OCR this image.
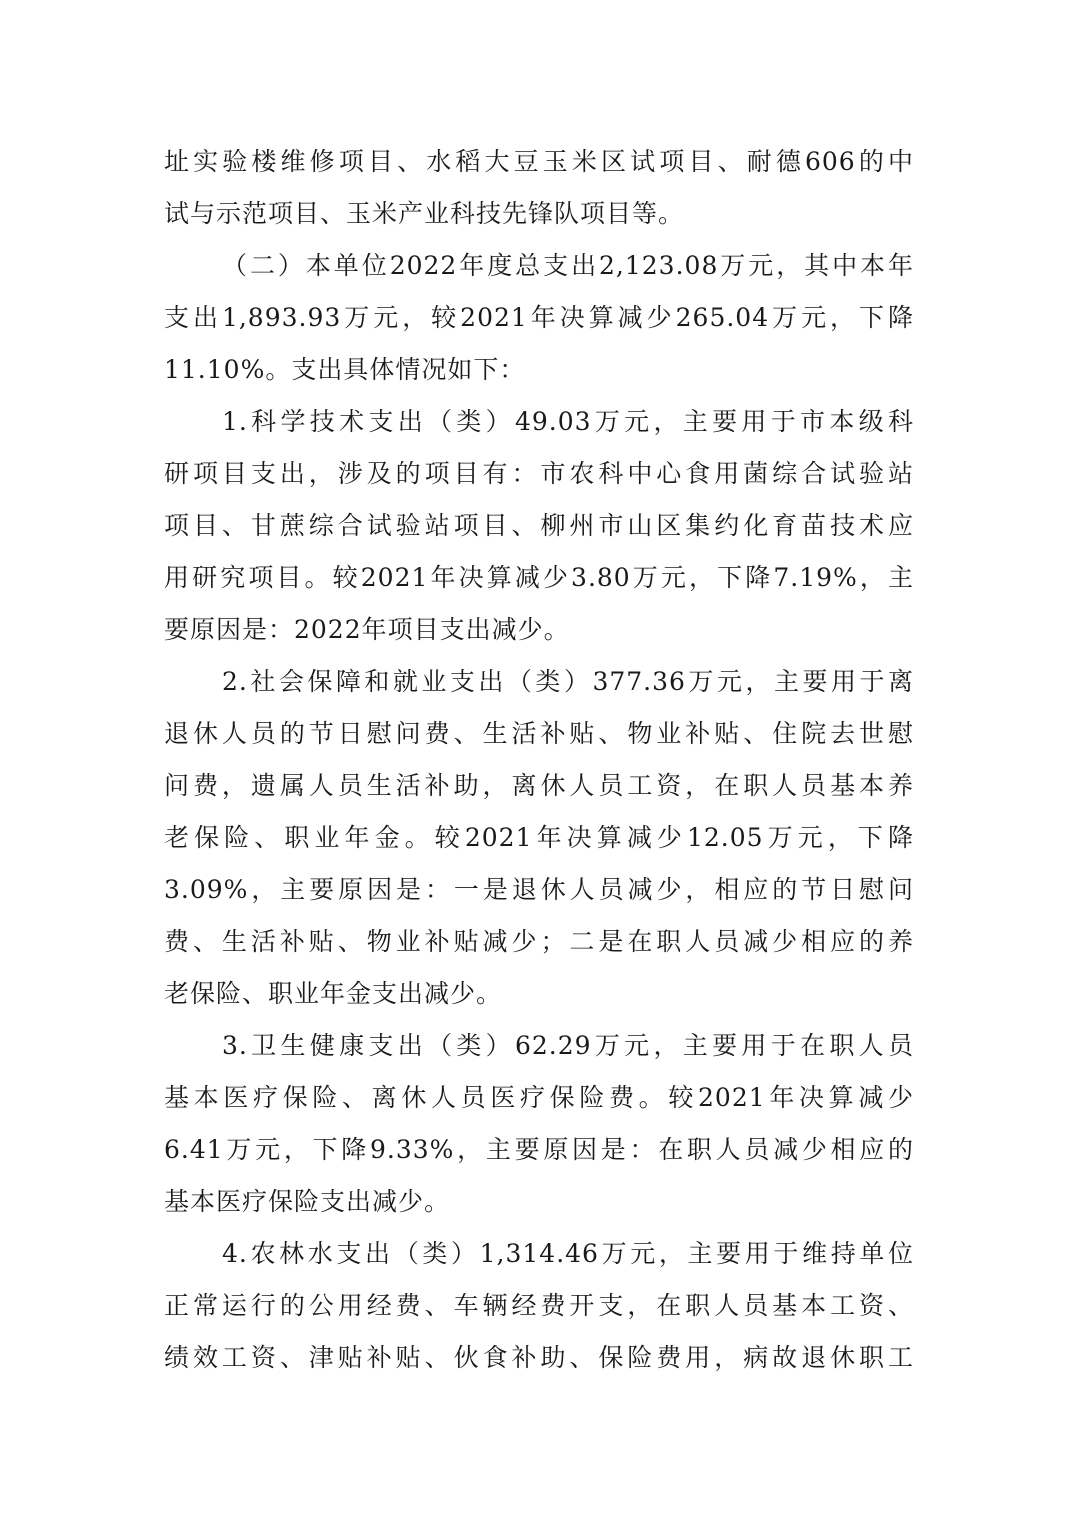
址实验楼维修项目、水稻大豆玉米区试项目、耐德606的中
试与示范项目、玉米产业科技先锋队项目等。
（二）本单位2022年度总支出2,123.08万元，其中本年
支出1,893.93万元，较2021年决算减少265.04万元，下降
11.10%。支出具体情况如下：
1.科学技术支出（类）49.03万元，主要用于市本级科
研项目支出，涉及的项目有：市农科中心食用菌综合试验站
项目、甘蔗综合试验站项目、柳州市山区集约化育苗技术应
用研究项目。较2021年决算减少3.80万元，下降7.19%，主
要原因是：2022年项目支出减少。
2.社会保障和就业支出（类）377.36万元，主要用于离
退休人员的节日慰问费、生活补贴、物业补贴、住院去世慰
问费，遗属人员生活补助，离休人员工资，在职人员基本养
老保险、职业年金。较2021年决算减少12.05万元，下降
3.09%，主要原因是：一是退休人员减少，相应的节日慰问
费、生活补贴、物业补贴减少；二是在职人员减少相应的养
老保险、职业年金支出减少。
3.卫生健康支出（类）62.29万元，主要用于在职人员
基本医疗保险、离休人员医疗保险费。较2021年决算减少
6.41万元，下降9.33%，主要原因是：在职人员减少相应的
基本医疗保险支出减少。
4.农林水支出（类）1,314.46万元，主要用于维持单位
正常运行的公用经费、车辆经费开支，在职人员基本工资、
绩效工资、津贴补贴、伙食补助、保险费用，病故退休职工
